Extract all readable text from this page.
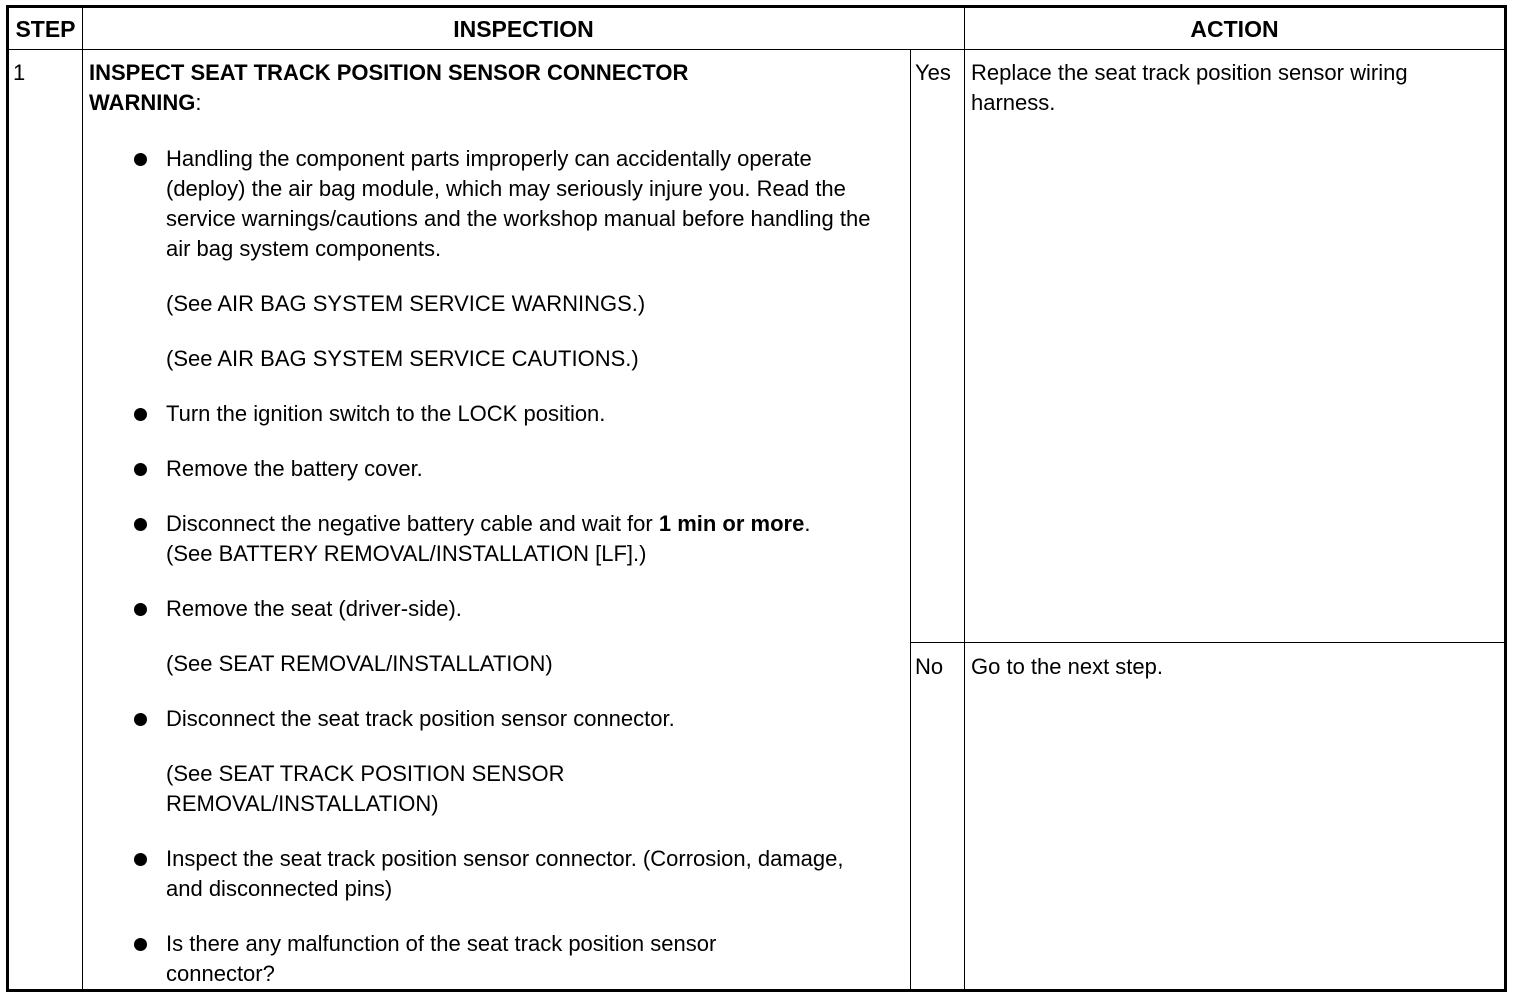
STEP	INSPECTION	ACTION
1	INSPECT SEAT TRACK POSITION SENSOR CONNECTOR
WARNING:
Handling the component parts improperly can accidentally operate (deploy) the air bag module, which may seriously injure you. Read the service warnings/cautions and the workshop manual before handling the air bag system components.
(See AIR BAG SYSTEM SERVICE WARNINGS.)
(See AIR BAG SYSTEM SERVICE CAUTIONS.)
Turn the ignition switch to the LOCK position.
Remove the battery cover.
Disconnect the negative battery cable and wait for 1 min or more. (See BATTERY REMOVAL/INSTALLATION [LF].)
Remove the seat (driver-side).
(See SEAT REMOVAL/INSTALLATION)
Disconnect the seat track position sensor connector.
(See SEAT TRACK POSITION SENSOR REMOVAL/INSTALLATION)
Inspect the seat track position sensor connector. (Corrosion, damage, and disconnected pins)
Is there any malfunction of the seat track position sensor connector?
Yes Replace the seat track position sensor wiring harness.
No Go to the next step.
